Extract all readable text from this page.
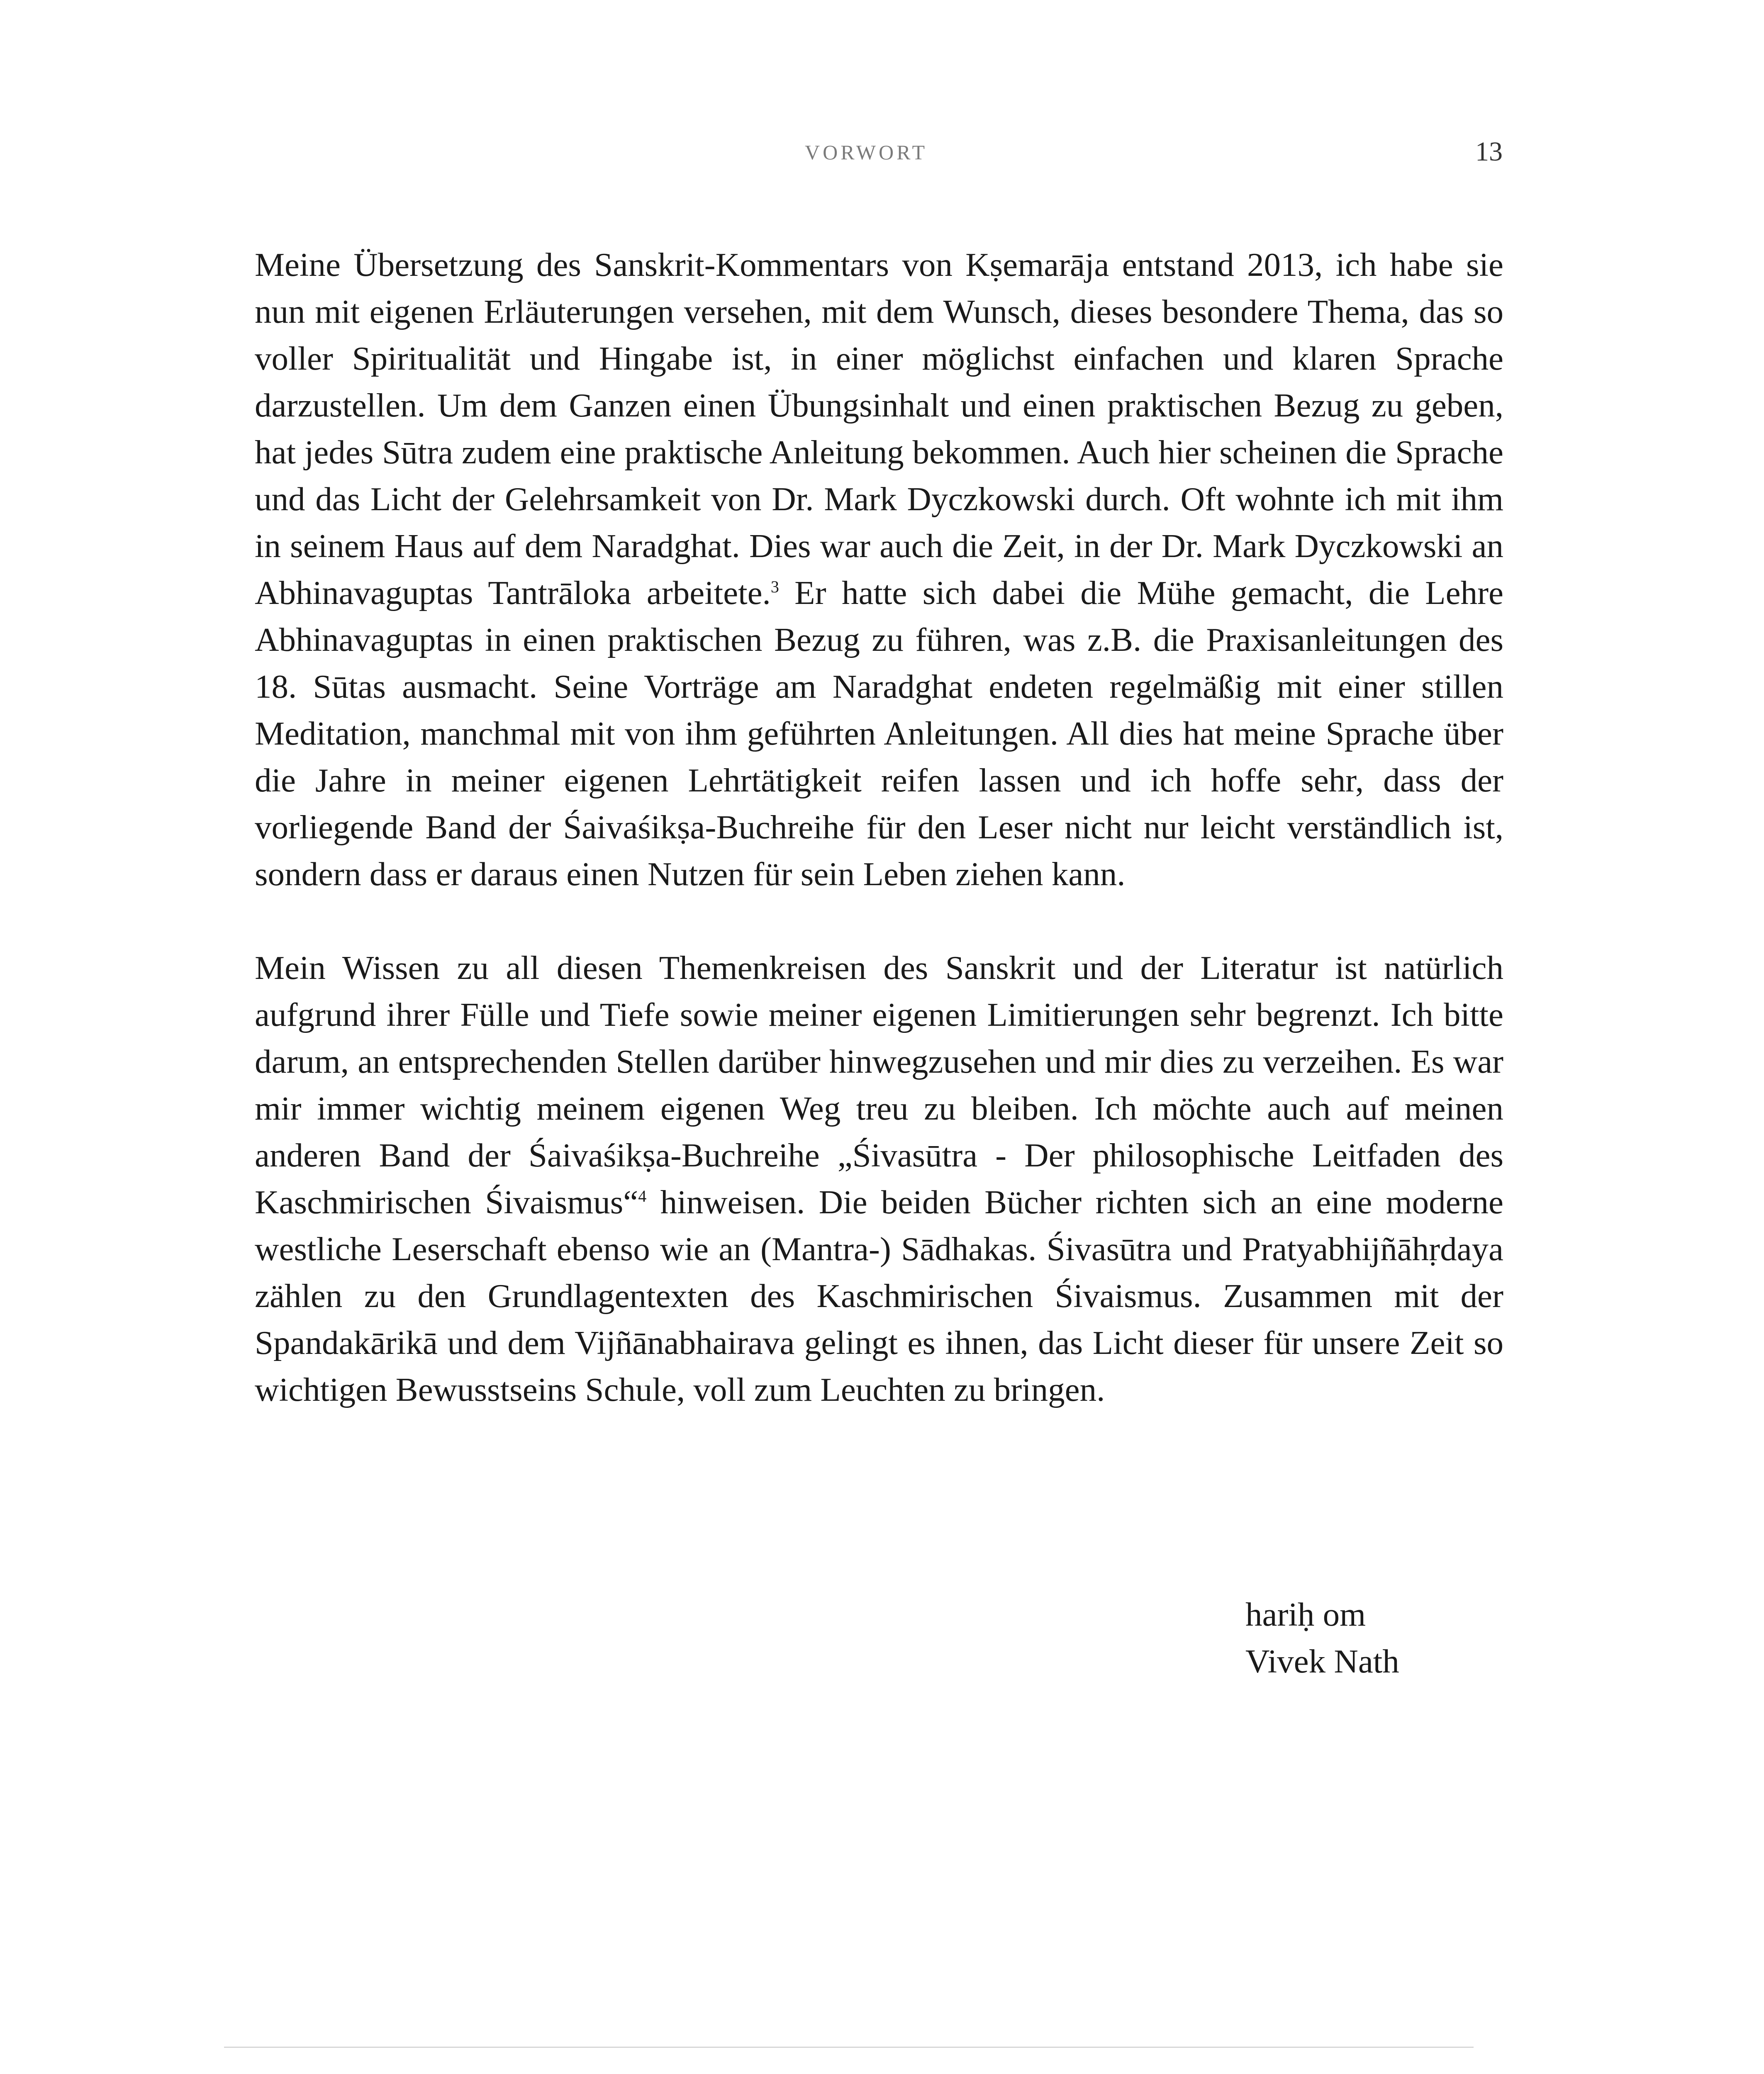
VORWORT	13

Meine Übersetzung des Sanskrit-Kommentars von Kṣemarāja entstand 2013, ich habe sie nun mit eigenen Erläuterungen versehen, mit dem Wunsch, dieses besondere Thema, das so voller Spiritualität und Hingabe ist, in einer möglichst einfachen und klaren Sprache darzustellen. Um dem Ganzen einen Übungsinhalt und einen praktischen Bezug zu geben, hat jedes Sūtra zudem eine praktische Anleitung bekommen. Auch hier scheinen die Sprache und das Licht der Gelehrsamkeit von Dr. Mark Dyczkowski durch. Oft wohnte ich mit ihm in seinem Haus auf dem Naradghat. Dies war auch die Zeit, in der Dr. Mark Dyczkowski an Abhinavaguptas Tantrāloka arbeitete.$^3$ Er hatte sich dabei die Mühe gemacht, die Lehre Abhinavaguptas in einen praktischen Bezug zu führen, was z.B. die Praxisanleitungen des 18. Sūtas ausmacht. Seine Vorträge am Naradghat endeten regelmäßig mit einer stillen Meditation, manchmal mit von ihm geführten Anleitungen. All dies hat meine Sprache über die Jahre in meiner eigenen Lehrtätigkeit reifen lassen und ich hoffe sehr, dass der vorliegende Band der Śaivaśikṣa-Buchreihe für den Leser nicht nur leicht verständlich ist, sondern dass er daraus einen Nutzen für sein Leben ziehen kann.

Mein Wissen zu all diesen Themenkreisen des Sanskrit und der Literatur ist natürlich aufgrund ihrer Fülle und Tiefe sowie meiner eigenen Limitierungen sehr begrenzt. Ich bitte darum, an entsprechenden Stellen darüber hinwegzusehen und mir dies zu verzeihen. Es war mir immer wichtig meinem eigenen Weg treu zu bleiben. Ich möchte auch auf meinen anderen Band der Śaivaśikṣa-Buchreihe „Śivasūtra - Der philosophische Leitfaden des Kaschmirischen Śivaismus“$^4$ hinweisen. Die beiden Bücher richten sich an eine moderne westliche Leserschaft ebenso wie an (Mantra-) Sādhakas. Śivasūtra und Pratyabhijñāhṛdaya zählen zu den Grundlagentexten des Kaschmirischen Śivaismus. Zusammen mit der Spandakārikā und dem Vijñānabhairava gelingt es ihnen, das Licht dieser für unsere Zeit so wichtigen Bewusstseins Schule, voll zum Leuchten zu bringen.

hariḥ om
Vivek Nath
